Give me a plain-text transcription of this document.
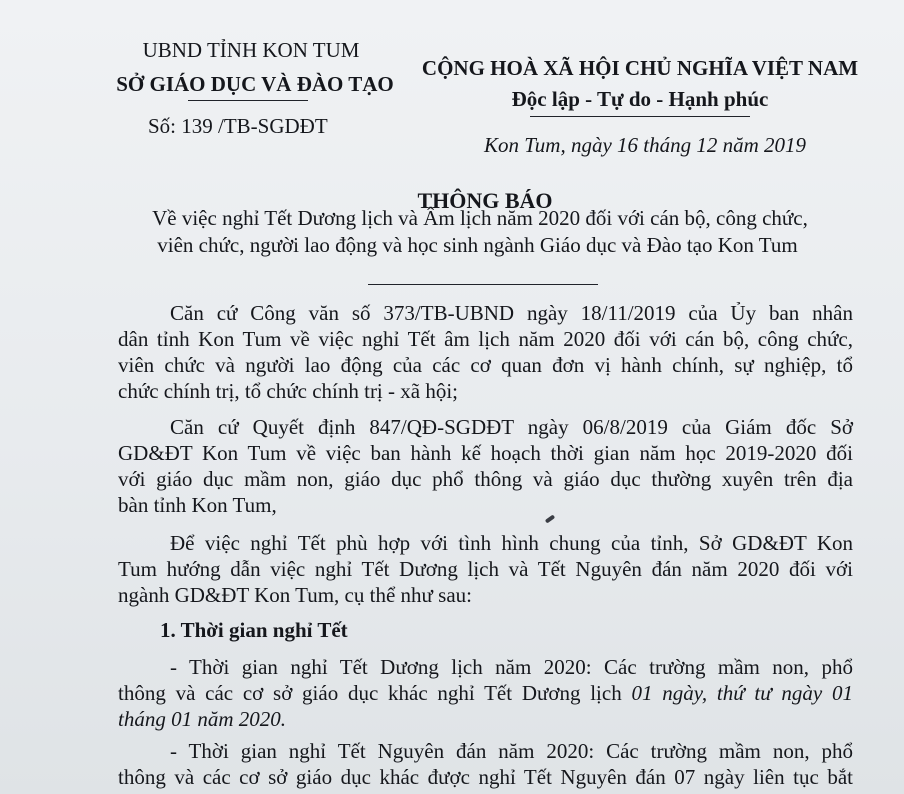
UBND TỈNH KON TUM
SỞ GIÁO DỤC VÀ ĐÀO TẠO
Số: 139 /TB-SGDĐT
CỘNG HOÀ XÃ HỘI CHỦ NGHĨA VIỆT NAM
Độc lập - Tự do - Hạnh phúc
Kon Tum, ngày 16 tháng 12 năm 2019
THÔNG BÁO
Về việc nghỉ Tết Dương lịch và Âm lịch năm 2020 đối với cán bộ, công chức,
viên chức, người lao động và học sinh ngành Giáo dục và Đào tạo Kon Tum
Căn cứ Công văn số 373/TB-UBND ngày 18/11/2019 của Ủy ban nhân
dân tỉnh Kon Tum về việc nghỉ Tết âm lịch năm 2020 đối với cán bộ, công chức,
viên chức và người lao động của các cơ quan đơn vị hành chính, sự nghiệp, tổ
chức chính trị, tổ chức chính trị - xã hội;
Căn cứ Quyết định 847/QĐ-SGDĐT ngày 06/8/2019 của Giám đốc Sở
GD&ĐT Kon Tum về việc ban hành kế hoạch thời gian năm học 2019-2020 đối
với giáo dục mầm non, giáo dục phổ thông và giáo dục thường xuyên trên địa
bàn tỉnh Kon Tum,
Để việc nghỉ Tết phù hợp với tình hình chung của tỉnh, Sở GD&ĐT Kon
Tum hướng dẫn việc nghỉ Tết Dương lịch và Tết Nguyên đán năm 2020 đối với
ngành GD&ĐT Kon Tum, cụ thể như sau:
1. Thời gian nghỉ Tết
- Thời gian nghỉ Tết Dương lịch năm 2020: Các trường mầm non, phổ
thông và các cơ sở giáo dục khác nghỉ Tết Dương lịch 01 ngày, thứ tư ngày 01
tháng 01 năm 2020.
- Thời gian nghỉ Tết Nguyên đán năm 2020: Các trường mầm non, phổ
thông và các cơ sở giáo dục khác được nghỉ Tết Nguyên đán 07 ngày liên tục bắt
